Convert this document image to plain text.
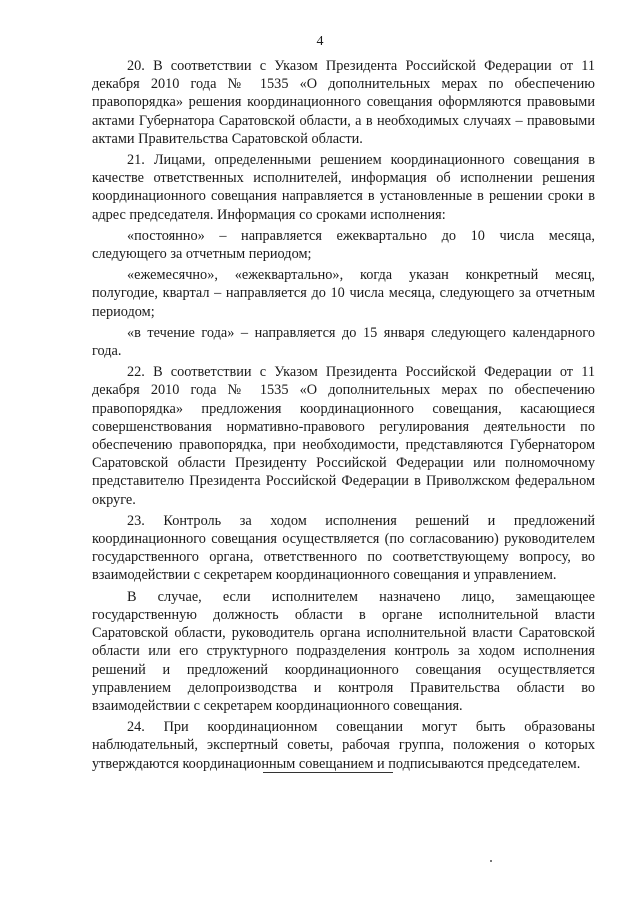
4

20. В соответствии с Указом Президента Российской Федерации от 11 декабря 2010 года № 1535 «О дополнительных мерах по обеспечению правопорядка» решения координационного совещания оформляются правовыми актами Губернатора Саратовской области, а в необходимых случаях – правовыми актами Правительства Саратовской области.

21. Лицами, определенными решением координационного совещания в качестве ответственных исполнителей, информация об исполнении решения координационного совещания направляется в установленные в решении сроки в адрес председателя. Информация со сроками исполнения:

«постоянно» – направляется ежеквартально до 10 числа месяца, следующего за отчетным периодом;

«ежемесячно», «ежеквартально», когда указан конкретный месяц, полугодие, квартал – направляется до 10 числа месяца, следующего за отчетным периодом;

«в течение года» – направляется до 15 января следующего календарного года.

22. В соответствии с Указом Президента Российской Федерации от 11 декабря 2010 года № 1535 «О дополнительных мерах по обеспечению правопорядка» предложения координационного совещания, касающиеся совершенствования нормативно-правового регулирования деятельности по обеспечению правопорядка, при необходимости, представляются Губернатором Саратовской области Президенту Российской Федерации или полномочному представителю Президента Российской Федерации в Приволжском федеральном округе.

23. Контроль за ходом исполнения решений и предложений координационного совещания осуществляется (по согласованию) руководителем государственного органа, ответственного по соответствующему вопросу, во взаимодействии с секретарем координационного совещания и управлением.

В случае, если исполнителем назначено лицо, замещающее государственную должность области в органе исполнительной власти Саратовской области, руководитель органа исполнительной власти Саратовской области или его структурного подразделения контроль за ходом исполнения решений и предложений координационного совещания осуществляется управлением делопроизводства и контроля Правительства области во взаимодействии с секретарем координационного совещания.

24. При координационном совещании могут быть образованы наблюдательный, экспертный советы, рабочая группа, положения о которых утверждаются координационным совещанием и подписываются председателем.
